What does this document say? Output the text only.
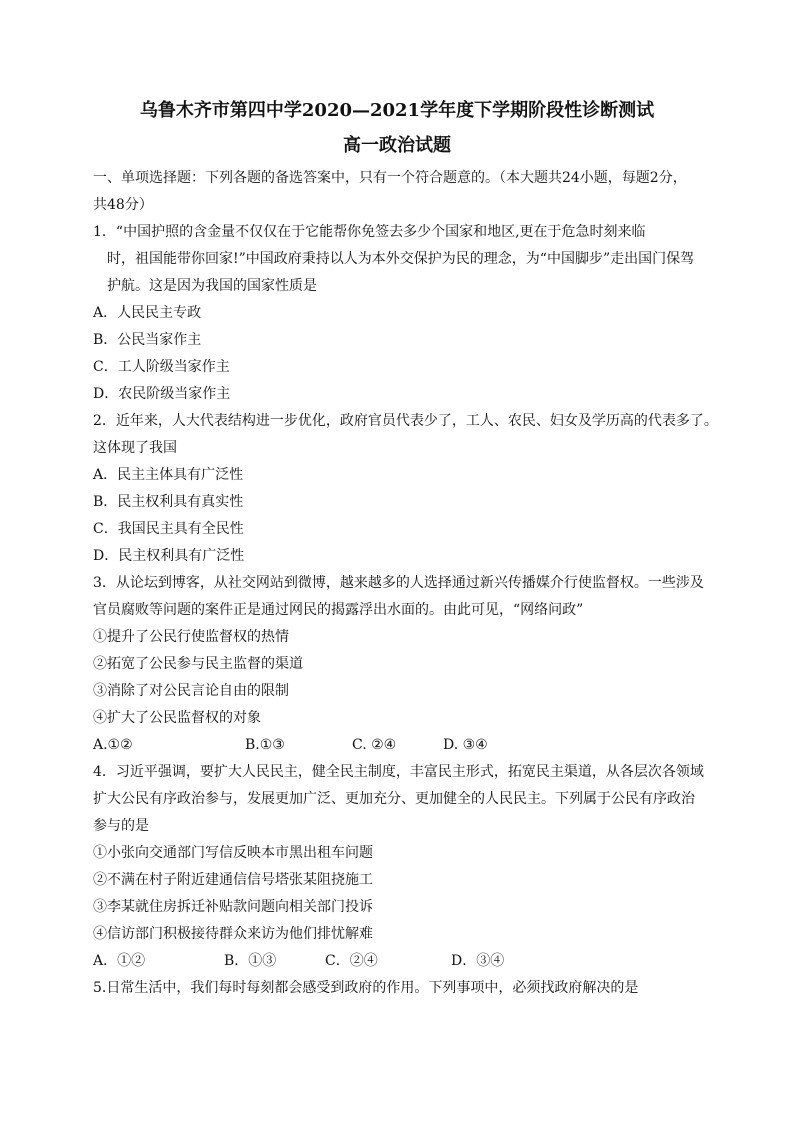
乌鲁木齐市第四中学2020—2021学年度下学期阶段性诊断测试
高一政治试题
一、单项选择题：下列各题的备选答案中，只有一个符合题意的。（本大题共24小题，每题2分，
共48分）
1．“中国护照的含金量不仅仅在于它能帮你免签去多少个国家和地区,更在于危急时刻来临
时，祖国能带你回家!”中国政府秉持以人为本外交保护为民的理念，为“中国脚步”走出国门保驾
护航。这是因为我国的国家性质是
A．人民民主专政
B．公民当家作主
C．工人阶级当家作主
D．农民阶级当家作主
2．近年来，人大代表结构进一步优化，政府官员代表少了，工人、农民、妇女及学历高的代表多了。
这体现了我国
A．民主主体具有广泛性
B．民主权利具有真实性
C．我国民主具有全民性
D．民主权利具有广泛性
3．从论坛到博客，从社交网站到微博，越来越多的人选择通过新兴传播媒介行使监督权。一些涉及
官员腐败等问题的案件正是通过网民的揭露浮出水面的。由此可见，“网络问政”
①提升了公民行使监督权的热情
②拓宽了公民参与民主监督的渠道
③消除了对公民言论自由的限制
④扩大了公民监督权的对象
A.①②	B.①③	C. ②④	D. ③④
4．习近平强调，要扩大人民民主，健全民主制度，丰富民主形式，拓宽民主渠道，从各层次各领域
扩大公民有序政治参与，发展更加广泛、更加充分、更加健全的人民民主。下列属于公民有序政治
参与的是
①小张向交通部门写信反映本市黑出租车问题
②不满在村子附近建通信信号塔张某阻挠施工
③李某就住房拆迁补贴款问题向相关部门投诉
④信访部门积极接待群众来访为他们排忧解难
A．①②	B．①③	C．②④	D．③④
5.日常生活中，我们每时每刻都会感受到政府的作用。下列事项中，必须找政府解决的是
